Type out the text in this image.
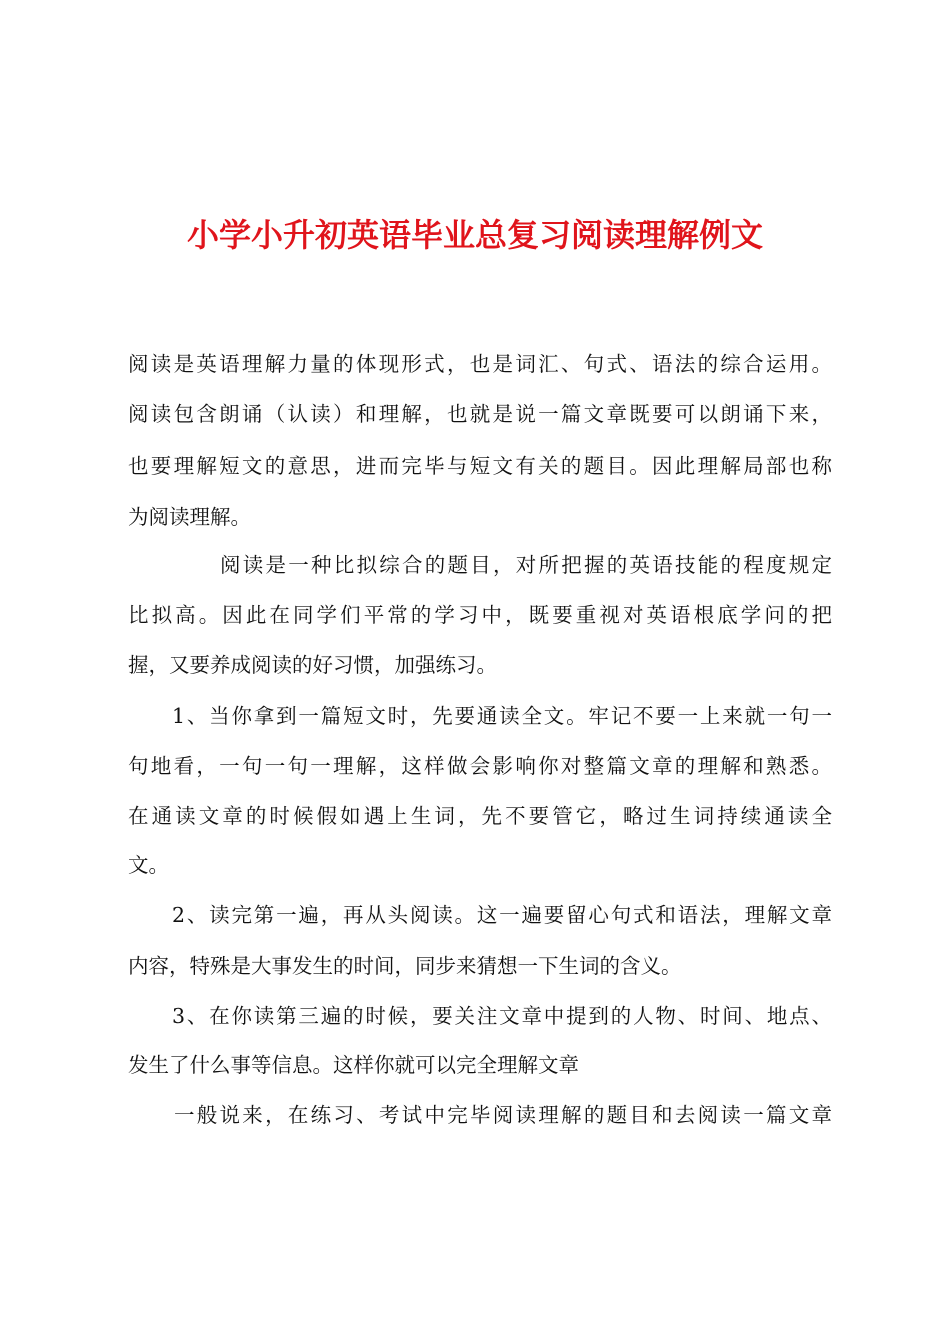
小学小升初英语毕业总复习阅读理解例文
阅读是英语理解力量的体现形式，也是词汇、句式、语法的综合运用。
阅读包含朗诵（认读）和理解，也就是说一篇文章既要可以朗诵下来，
也要理解短文的意思，进而完毕与短文有关的题目。因此理解局部也称
为阅读理解。
阅读是一种比拟综合的题目，对所把握的英语技能的程度规定
比拟高。因此在同学们平常的学习中，既要重视对英语根底学问的把
握，又要养成阅读的好习惯，加强练习。
1、当你拿到一篇短文时，先要通读全文。牢记不要一上来就一句一
句地看，一句一句一理解，这样做会影响你对整篇文章的理解和熟悉。
在通读文章的时候假如遇上生词，先不要管它，略过生词持续通读全
文。
2、读完第一遍，再从头阅读。这一遍要留心句式和语法，理解文章
内容，特殊是大事发生的时间，同步来猜想一下生词的含义。
3、在你读第三遍的时候，要关注文章中提到的人物、时间、地点、
发生了什么事等信息。这样你就可以完全理解文章
一般说来，在练习、考试中完毕阅读理解的题目和去阅读一篇文章
